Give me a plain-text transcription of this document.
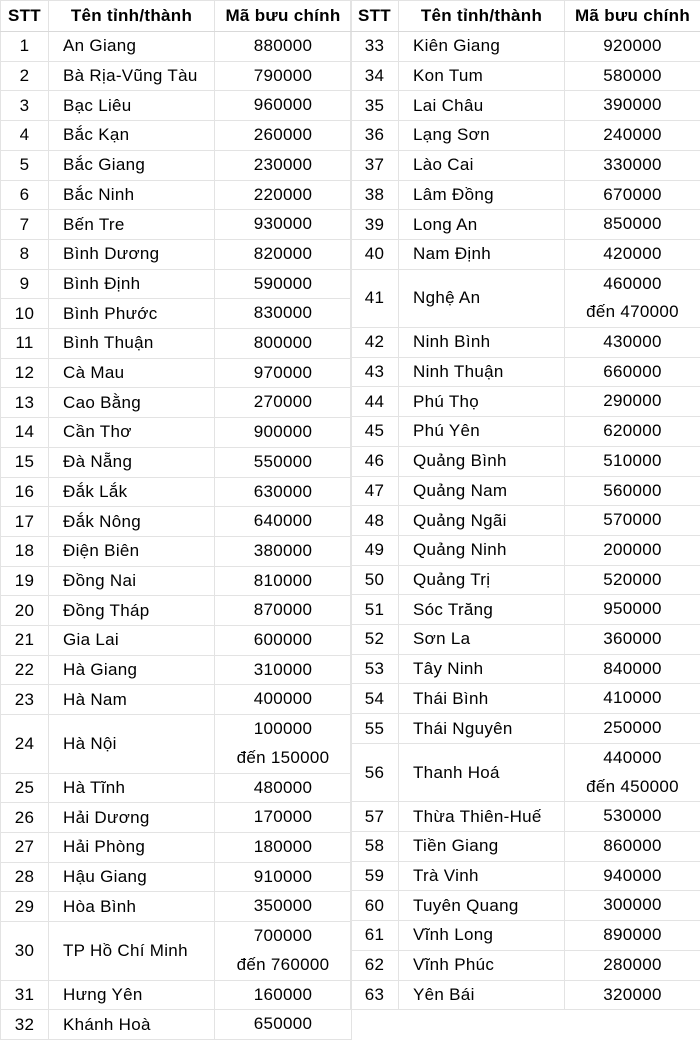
STT	Tên tỉnh/thành	Mã bưu chính
1	An Giang	880000

2	Bà Rịa-Vũng Tàu	790000

3	Bạc Liêu	960000

4	Bắc Kạn	260000

5	Bắc Giang	230000

6	Bắc Ninh	220000

7	Bến Tre	930000

8	Bình Dương	820000

9	Bình Định	590000

10	Bình Phước	830000

11	Bình Thuận	800000

12	Cà Mau	970000

13	Cao Bằng	270000

14	Cần Thơ	900000

15	Đà Nẵng	550000

16	Đắk Lắk	630000

17	Đắk Nông	640000

18	Điện Biên	380000

19	Đồng Nai	810000

20	Đồng Tháp	870000

21	Gia Lai	600000

22	Hà Giang	310000

23	Hà Nam	400000

24	Hà Nội	100000
đến 150000

25	Hà Tĩnh	480000

26	Hải Dương	170000

27	Hải Phòng	180000

28	Hậu Giang	910000

29	Hòa Bình	350000

30	TP Hồ Chí Minh	700000
đến 760000

31	Hưng Yên	160000

32	Khánh Hoà	650000
STT	Tên tỉnh/thành	Mã bưu chính
33	Kiên Giang	920000

34	Kon Tum	580000

35	Lai Châu	390000

36	Lạng Sơn	240000

37	Lào Cai	330000

38	Lâm Đồng	670000

39	Long An	850000

40	Nam Định	420000

41	Nghệ An	460000
đến 470000

42	Ninh Bình	430000

43	Ninh Thuận	660000

44	Phú Thọ	290000

45	Phú Yên	620000

46	Quảng Bình	510000

47	Quảng Nam	560000

48	Quảng Ngãi	570000

49	Quảng Ninh	200000

50	Quảng Trị	520000

51	Sóc Trăng	950000

52	Sơn La	360000

53	Tây Ninh	840000

54	Thái Bình	410000

55	Thái Nguyên	250000

56	Thanh Hoá	440000
đến 450000

57	Thừa Thiên-Huế	530000

58	Tiền Giang	860000

59	Trà Vinh	940000

60	Tuyên Quang	300000

61	Vĩnh Long	890000

62	Vĩnh Phúc	280000

63	Yên Bái	320000
